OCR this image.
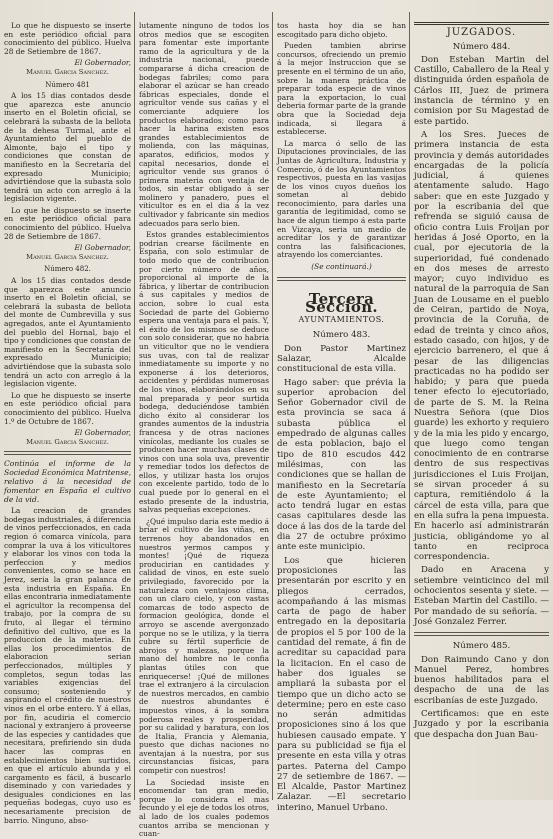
Lo que he dispuesto se inserte en este periódico oficial para conocimiento del público. Huelva 28 de Setiembre de 1867.

El Gobernador,

Manuel Garcia Sanchez.

Número 481

A los 15 dias contados desde que aparezca este anuncio inserto en el Boletin oficial, se celebrará la subasta de la bellota de la dehesa Turmal, ante el Ayuntamiento del pueblo de Almonte, bajo el tipo y condiciones que constan de manifiesto en la Secretaría del expresado Municipio; advirtiéndose que la subasta solo tendrá un acto con arreglo á la legislacion vigente.

Lo que he dispuesto se inserte en este periódico oficial para conocimiento del público. Huelva 28 de Setiembre de 1867.

El Gobernador,

Manuel Garcia Sanchez.

Número 482.

A los 15 dias contados desde que aparezca este anuncio inserto en el Boletin oficial, se celebrará la subasta de bellota del monte de Cumbrevilla y sus agregados, ante el Ayuntamiento del pueblo del Hornal, bajo el tipo y condiciones que constan de manifiesto en la Secretaría del expresado Municipio; advirtiéndose que la subasta solo tendrá un acto con arreglo á la legislacion vigente.

Lo que he dispuesto se inserte en este periódico oficial para conocimiento del público. Huelva 1.º de Octubre de 1867.

El Gobernador,

Manuel Garcia Sanchez.

Continúa el informe de la Sociedad Económica Matritense, relativo á la necesidad de fomentar en España el cultivo de la vid.

La creacion de grandes bodegas industriales, á diferencia de vinos perfeccionados, en cada region ó comarca vinícola, para comprar la uva á los viticultores y elaborar los vinos con toda la perfeccion y medios convenientes, como se hace en Jerez, seria la gran palanca de esta industria en España. En ellas encontraria inmediatamente el agricultor la recompensa del trabajo, por la compra de su fruto, al llegar el término definitivo del cultivo, que es la produccion de la materia. En ellas los procedimientos de elaboracion serian perfeccionados, múltiples y completos, segun todas las variables exigencias del consumo; sosteniendo y aspirando el crédito de nuestros vinos en el orbe entero. Y á ellas, por fin, acudiria el comercio nacional y extranjero á proveerse de las especies y cantidades que necesitara, prefiriendo sin duda hacer las compras en establecimientos bien surtidos, en que el artículo abunda y el cargamento es fácil, á buscarlo diseminado y con variedades y desiguales condiciones en las pequeñas bodegas, cuyo uso es necesariamente precision de barrio. Ninguno, abso-

lutamente ninguno de todos los otros medios que se escogiten para fomentar este importante ramo de la agricultura y de la industria nacional, puede compararse á dicha creacion de bodegas fabriles; como para elaborar el azúcar se han creado fábricas especiales, donde el agricultor vende sus cañas y el comerciante adquiere los productos elaborados; como para hacer la harina existen esos grandes establecimientos de molienda, con las máquinas, aparatos, edificios, modos y capital necesarios, donde el agricultor vende sus granos ó primera materia con ventaja de todos, sin estar obligado á ser molinero y panadero, pues el viticultor es en el dia á la vez cultivador y fabricante sin medios adecuados para serlo bien.

Estos grandes establecimientos podrian crearse fácilmente en España, con solo estimular de todo modo que de contribucion por cierto número de años, proporcional al importe de la fábrica, y libertar de contribucion á sus capitales y medios de accion, sobre lo cual esta Sociedad de parte del Gobierno espera una ventaja para el país. Y, el éxito de los mismos se deduce con solo considerar, que no habria un viticultor que no le vendiera sus uvas, con tal de realizar inmediatamente su importe y no exponerse á los deterioros, accidentes y pérdidas numerosas de los vinos, elaborándolos en su mal preparada y peor surtida bodega, deduciéndose también dicho éxito al considerar los grandes aumentos de la industria francesa y de otras naciones vinícolas, mediante los cuales se producen hacer muchas clases de vinos con una sola uva, preventir y remediar todos los defectos de ellos, y utilizar hasta los orujos con excelente partido, todo de lo cual puede por lo general en el estado presente de la industria, salvas pequeñas excepciones.

¿Qué impulso daria este medio á bríar el cultivo de las viñas, en terrenos hoy abandonados en nuestros yermos campos y montes! ¡Qué de riqueza producirian en cantidades y calidad de vinos, en este suelo privilegiado, favorecido por la naturaleza con ventajoso clima, con un claro cielo, y con vastas comarcas de todo aspecto de formacion geológica, donde el arroyo se ascende avergonzado porque no se le utiliza, y la tierra cubre su fértil superficie de abrojos y malezas, porque la mano del hombre no le confia plantas útiles con que enriquecerse! ¡Qué de millones trae el extranjero á la circulacion de nuestros mercados, en cambio de nuestros abundantes é impuestos vinos, á la sombra poderosa reales y prosperidad, por su calidad y baratura, con los de Italia, Francia y Alemania, puesto que dichas naciones no aventajan á la nuestra, por sus circunstancias físicas, para competir con nuestros!

La Sociedad insiste en encomendar tan gran medio, porque lo considera el mas fecundo y el eje de todos los otros, al lado de los cuales podemos cuantos arriba se mencionan y cuan-

tos hasta hoy dia se han escogitado para dicho objeto.

Pueden tambien abrirse concursos, ofreciendo un premio á la mejor Instruccion que se presente en el término de un año, sobre la manera práctica de preparar toda especie de vinos para la exportacion, lo cual deberia formar parte de la grande obra que la Sociedad deja indicada, si llegara á establecerse.

La marca ó sello de las Diputaciones provinciales, de las Juntas de Agricultura, Industria y Comercio, ó de los Ayuntamientos respectivos, puesta en las vasijas de los vinos cuyos dueños los sometan al debido reconocimiento, para darles una garantía de legitimidad, como se hace de algun tiempo á esta parte en Vizcaya, seria un medio de acreditar los y de garantizar contra las falsificaciones, atrayendo los comerciantes.

(Se continuará.)

Tercera Seccion.

AYUNTAMIENTOS.

Número 483.

Don Pastor Martinez Salazar, Alcalde constitucional de esta villa.

Hago saber: que prévia la superior aprobacion del Señor Gobernador civil de esta provincia se saca á subasta pública el empedrado de algunas calles de esta poblacion, bajo el tipo de 810 escudos 442 milésimas, con las condiciones que se hallan de manifiesto en la Secretaría de este Ayuntamiento; el acto tendrá lugar en estas casas capitulares desde las doce á las dos de la tarde del dia 27 de octubre próximo ante este municipio.

Los que hicieren proposiciones las presentarán por escrito y en pliegos cerrados, acompañando á las mismas carta de pago de haber entregado en la depositaria de propios el 5 por 100 de la cantidad del remate, á fin de acreditar su capacidad para la licitacion. En el caso de haber dos iguales se ampliará la subasta por el tiempo que un dicho acto se determine; pero en este caso no serán admitidas proposiciones sino á los que hubiesen causado empate. Y para su publicidad se fija el presente en esta villa y otras partes. Paterna del Campo 27 de setiembre de 1867. —El Alcalde, Pastor Martinez Zalazar. —El secretario interino, Manuel Urbano.

JUZGADOS.

Número 484.

Don Esteban Martin del Castillo, Caballero de la Real y distinguida órden española de Cárlos III, Juez de primera instancia de término y en comision por Su Magestad de este partido.

A los Sres. Jueces de primera instancia de esta provincia y demás autoridades encargadas de la policía judicial, á quienes atentamente saludo. Hago saber: que en este Juzgado y por la escribania del que refrenda se siguió causa de oficio contra Luis Froijan por heridas á José Oporto, en la cual, por ejecutoria de la superioridad, fué condenado en dos meses de arresto mayor; cuyo individuo es natural de la parroquia de San Juan de Lousame en el pueblo de Ceiran, partido de Noya, provincia de la Coruña, de edad de treinta y cinco años, estado casado, con hijos, y de ejercicio barrenero, el que á pesar de las diligencias practicadas no ha podido ser habido; y para que pueda tener efecto lo ejecutoriado, de parte de S. M. la Reina Nuestra Señora (que Dios guarde) les exhorto y requiero y de la mia les pido y encargo, que luego como tengan conocimiento de en contrarse dentro de sus respectivas jurisdicciones el Luis Froijan, se sirvan proceder á su captura, remitiéndolo á la cárcel de esta villa, para que en ella sufra la pena impuesta. En hacerlo así administrarán justicia, obligándome yo al tanto en reciproca correspondencia.

Dado en Aracena y setiembre veinticinco del mil ochocientos sesenta y siete. —Esteban Martin del Castillo. —Por mandado de su señoría. —José Gonzalez Ferrer.

Número 485.

Don Raimundo Cano y don Manuel Perez, hombres buenos habilitados para el despacho de una de las escribanías de este Juzgado.

Certificamos: que en este Juzgado y por la escribania que despacha don Juan Bau-
